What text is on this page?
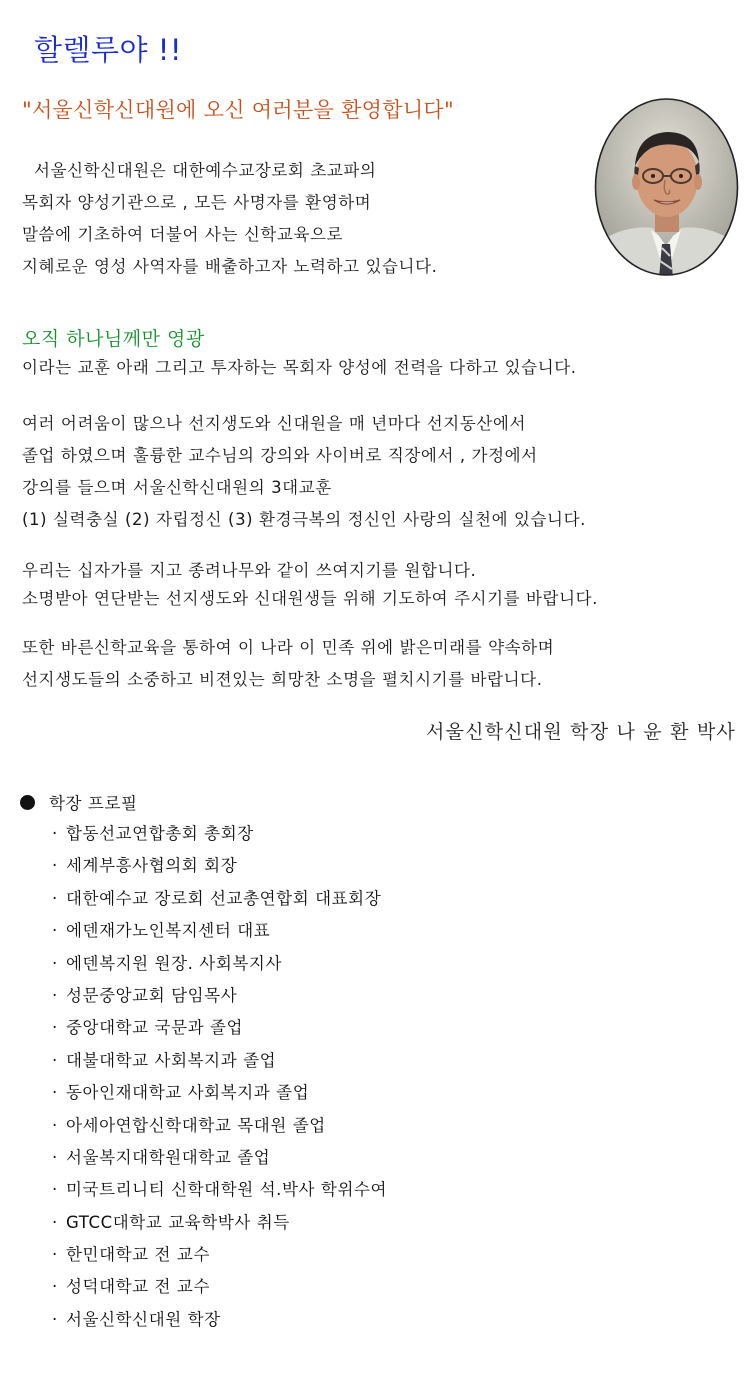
할렐루야 !!
"서울신학신대원에 오신 여러분을 환영합니다"
서울신학신대원은 대한예수교장로회 초교파의
목회자 양성기관으로 , 모든 사명자를 환영하며
말씀에 기초하여 더불어 사는 신학교육으로
지혜로운 영성 사역자를 배출하고자 노력하고 있습니다.
오직 하나님께만 영광
이라는 교훈 아래 그리고 투자하는 목회자 양성에 전력을 다하고 있습니다.
여러 어려움이 많으나 선지생도와 신대원을 매 년마다 선지동산에서
졸업 하였으며 훌륭한 교수님의 강의와 사이버로 직장에서 , 가정에서
강의를 들으며 서울신학신대원의 3대교훈
(1) 실력충실 (2) 자립정신 (3) 환경극복의 정신인 사랑의 실천에 있습니다.
우리는 십자가를 지고 종려나무와 같이 쓰여지기를 원합니다.
소명받아 연단받는 선지생도와 신대원생들 위해 기도하여 주시기를 바랍니다.
또한 바른신학교육을 통하여 이 나라 이 민족 위에 밝은미래를 약속하며
선지생도들의 소중하고 비젼있는 희망찬 소명을 펼치시기를 바랍니다.
서울신학신대원 학장 나 윤 환 박사
학장 프로필
· 합동선교연합총회 총회장
· 세계부흥사협의회 회장
· 대한예수교 장로회 선교총연합회 대표회장
· 에덴재가노인복지센터 대표
· 에덴복지원 원장. 사회복지사
· 성문중앙교회 담임목사
· 중앙대학교 국문과 졸업
· 대불대학교 사회복지과 졸업
· 동아인재대학교 사회복지과 졸업
· 아세아연합신학대학교 목대원 졸업
· 서울복지대학원대학교 졸업
· 미국트리니티 신학대학원 석.박사 학위수여
· GTCC대학교 교육학박사 취득
· 한민대학교 전 교수
· 성덕대학교 전 교수
· 서울신학신대원 학장
